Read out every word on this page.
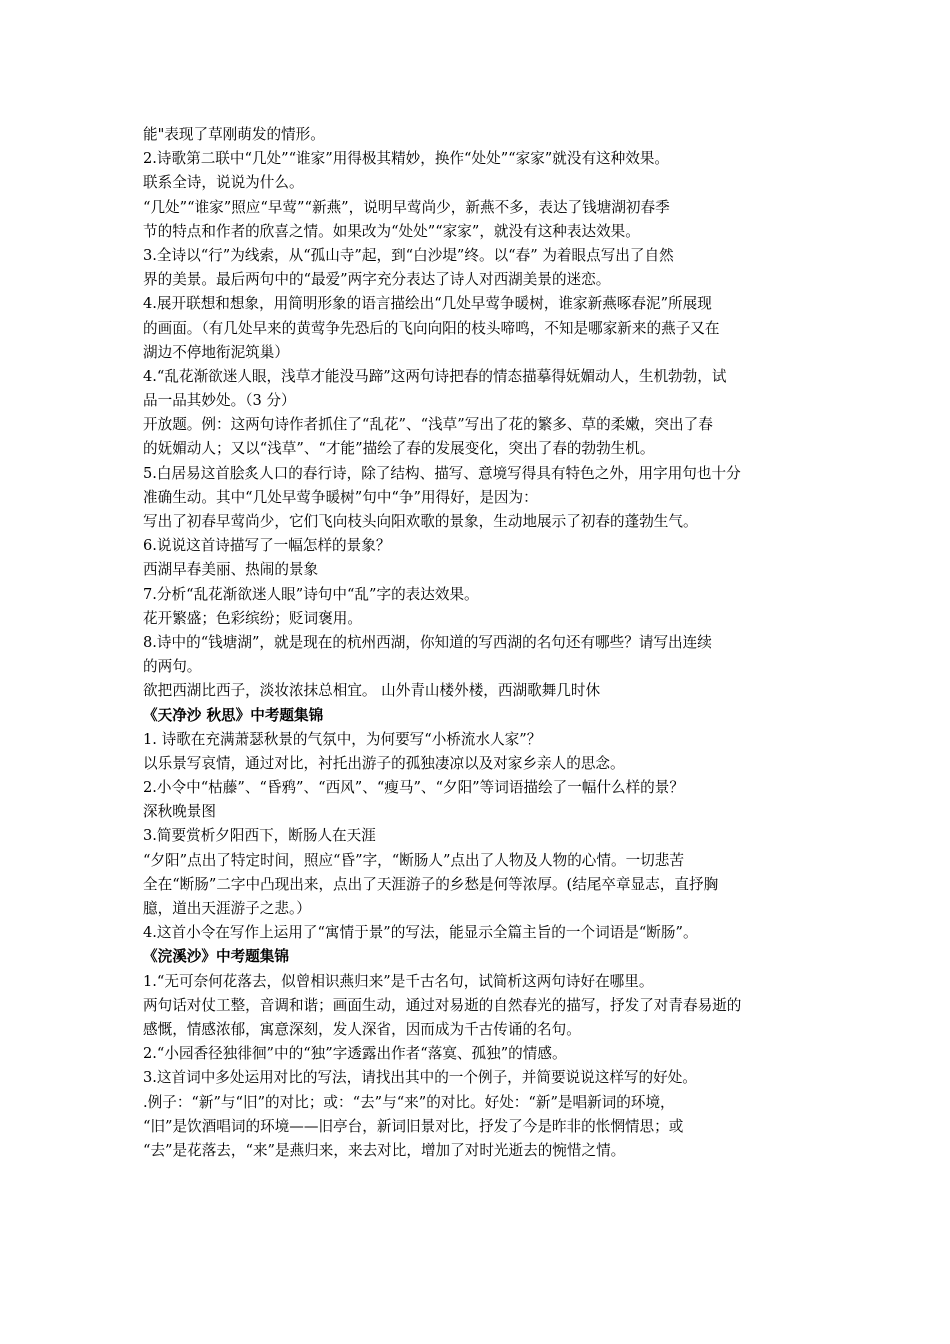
能"表现了草刚萌发的情形。
2.诗歌第二联中“几处”“谁家”用得极其精妙，换作“处处”“家家”就没有这种效果。
联系全诗，说说为什么。
“几处”“谁家”照应“早莺”“新燕”，说明早莺尚少，新燕不多，表达了钱塘湖初春季
节的特点和作者的欣喜之情。如果改为“处处”“家家”，就没有这种表达效果。
3.全诗以“行”为线索，从“孤山寺”起，到“白沙堤”终。以“春” 为着眼点写出了自然
界的美景。最后两句中的“最爱”两字充分表达了诗人对西湖美景的迷恋。
4.展开联想和想象，用简明形象的语言描绘出“几处早莺争暖树，谁家新燕啄春泥”所展现
的画面。（有几处早来的黄莺争先恐后的飞向向阳的枝头啼鸣，不知是哪家新来的燕子又在
湖边不停地衔泥筑巢）
4.“乱花渐欲迷人眼，浅草才能没马蹄”这两句诗把春的情态描摹得妩媚动人，生机勃勃，试
品一品其妙处。（3 分）
开放题。例：这两句诗作者抓住了“乱花”、“浅草”写出了花的繁多、草的柔嫩，突出了春
的妩媚动人；又以“浅草”、“才能”描绘了春的发展变化，突出了春的勃勃生机。
5.白居易这首脍炙人口的春行诗，除了结构、描写、意境写得具有特色之外，用字用句也十分
准确生动。其中“几处早莺争暖树”句中“争”用得好，是因为：
写出了初春早莺尚少，它们飞向枝头向阳欢歌的景象，生动地展示了初春的蓬勃生气。
6.说说这首诗描写了一幅怎样的景象？
西湖早春美丽、热闹的景象
7.分析“乱花渐欲迷人眼”诗句中“乱”字的表达效果。
花开繁盛；色彩缤纷；贬词褒用。
8.诗中的“钱塘湖”，就是现在的杭州西湖，你知道的写西湖的名句还有哪些？请写出连续
的两句。
欲把西湖比西子，淡妆浓抹总相宜。 山外青山楼外楼，西湖歌舞几时休
《天净沙 秋思》中考题集锦
1. 诗歌在充满萧瑟秋景的气氛中，为何要写“小桥流水人家”？
以乐景写哀情，通过对比，衬托出游子的孤独凄凉以及对家乡亲人的思念。
2.小令中“枯藤”、“昏鸦”、“西风”、“瘦马”、“夕阳”等词语描绘了一幅什么样的景？
深秋晚景图
3.简要赏析夕阳西下，断肠人在天涯
“夕阳”点出了特定时间，照应“昏”字，“断肠人”点出了人物及人物的心情。一切悲苦
全在“断肠”二字中凸现出来，点出了天涯游子的乡愁是何等浓厚。(结尾卒章显志，直抒胸
臆，道出天涯游子之悲。）
4.这首小令在写作上运用了“寓情于景”的写法，能显示全篇主旨的一个词语是“断肠”。
《浣溪沙》中考题集锦
1.“无可奈何花落去，似曾相识燕归来”是千古名句，试简析这两句诗好在哪里。
两句话对仗工整，音调和谐；画面生动，通过对易逝的自然春光的描写，抒发了对青春易逝的
感慨，情感浓郁，寓意深刻，发人深省，因而成为千古传诵的名句。
2.“小园香径独徘徊”中的“独”字透露出作者“落寞、孤独”的情感。
3.这首词中多处运用对比的写法，请找出其中的一个例子，并简要说说这样写的好处。
.例子：“新”与“旧”的对比；或：“去”与“来”的对比。好处：“新”是唱新词的环境，
“旧”是饮酒唱词的环境——旧亭台，新词旧景对比，抒发了今是昨非的怅惘情思；或
“去”是花落去，“来”是燕归来，来去对比，增加了对时光逝去的惋惜之情。
